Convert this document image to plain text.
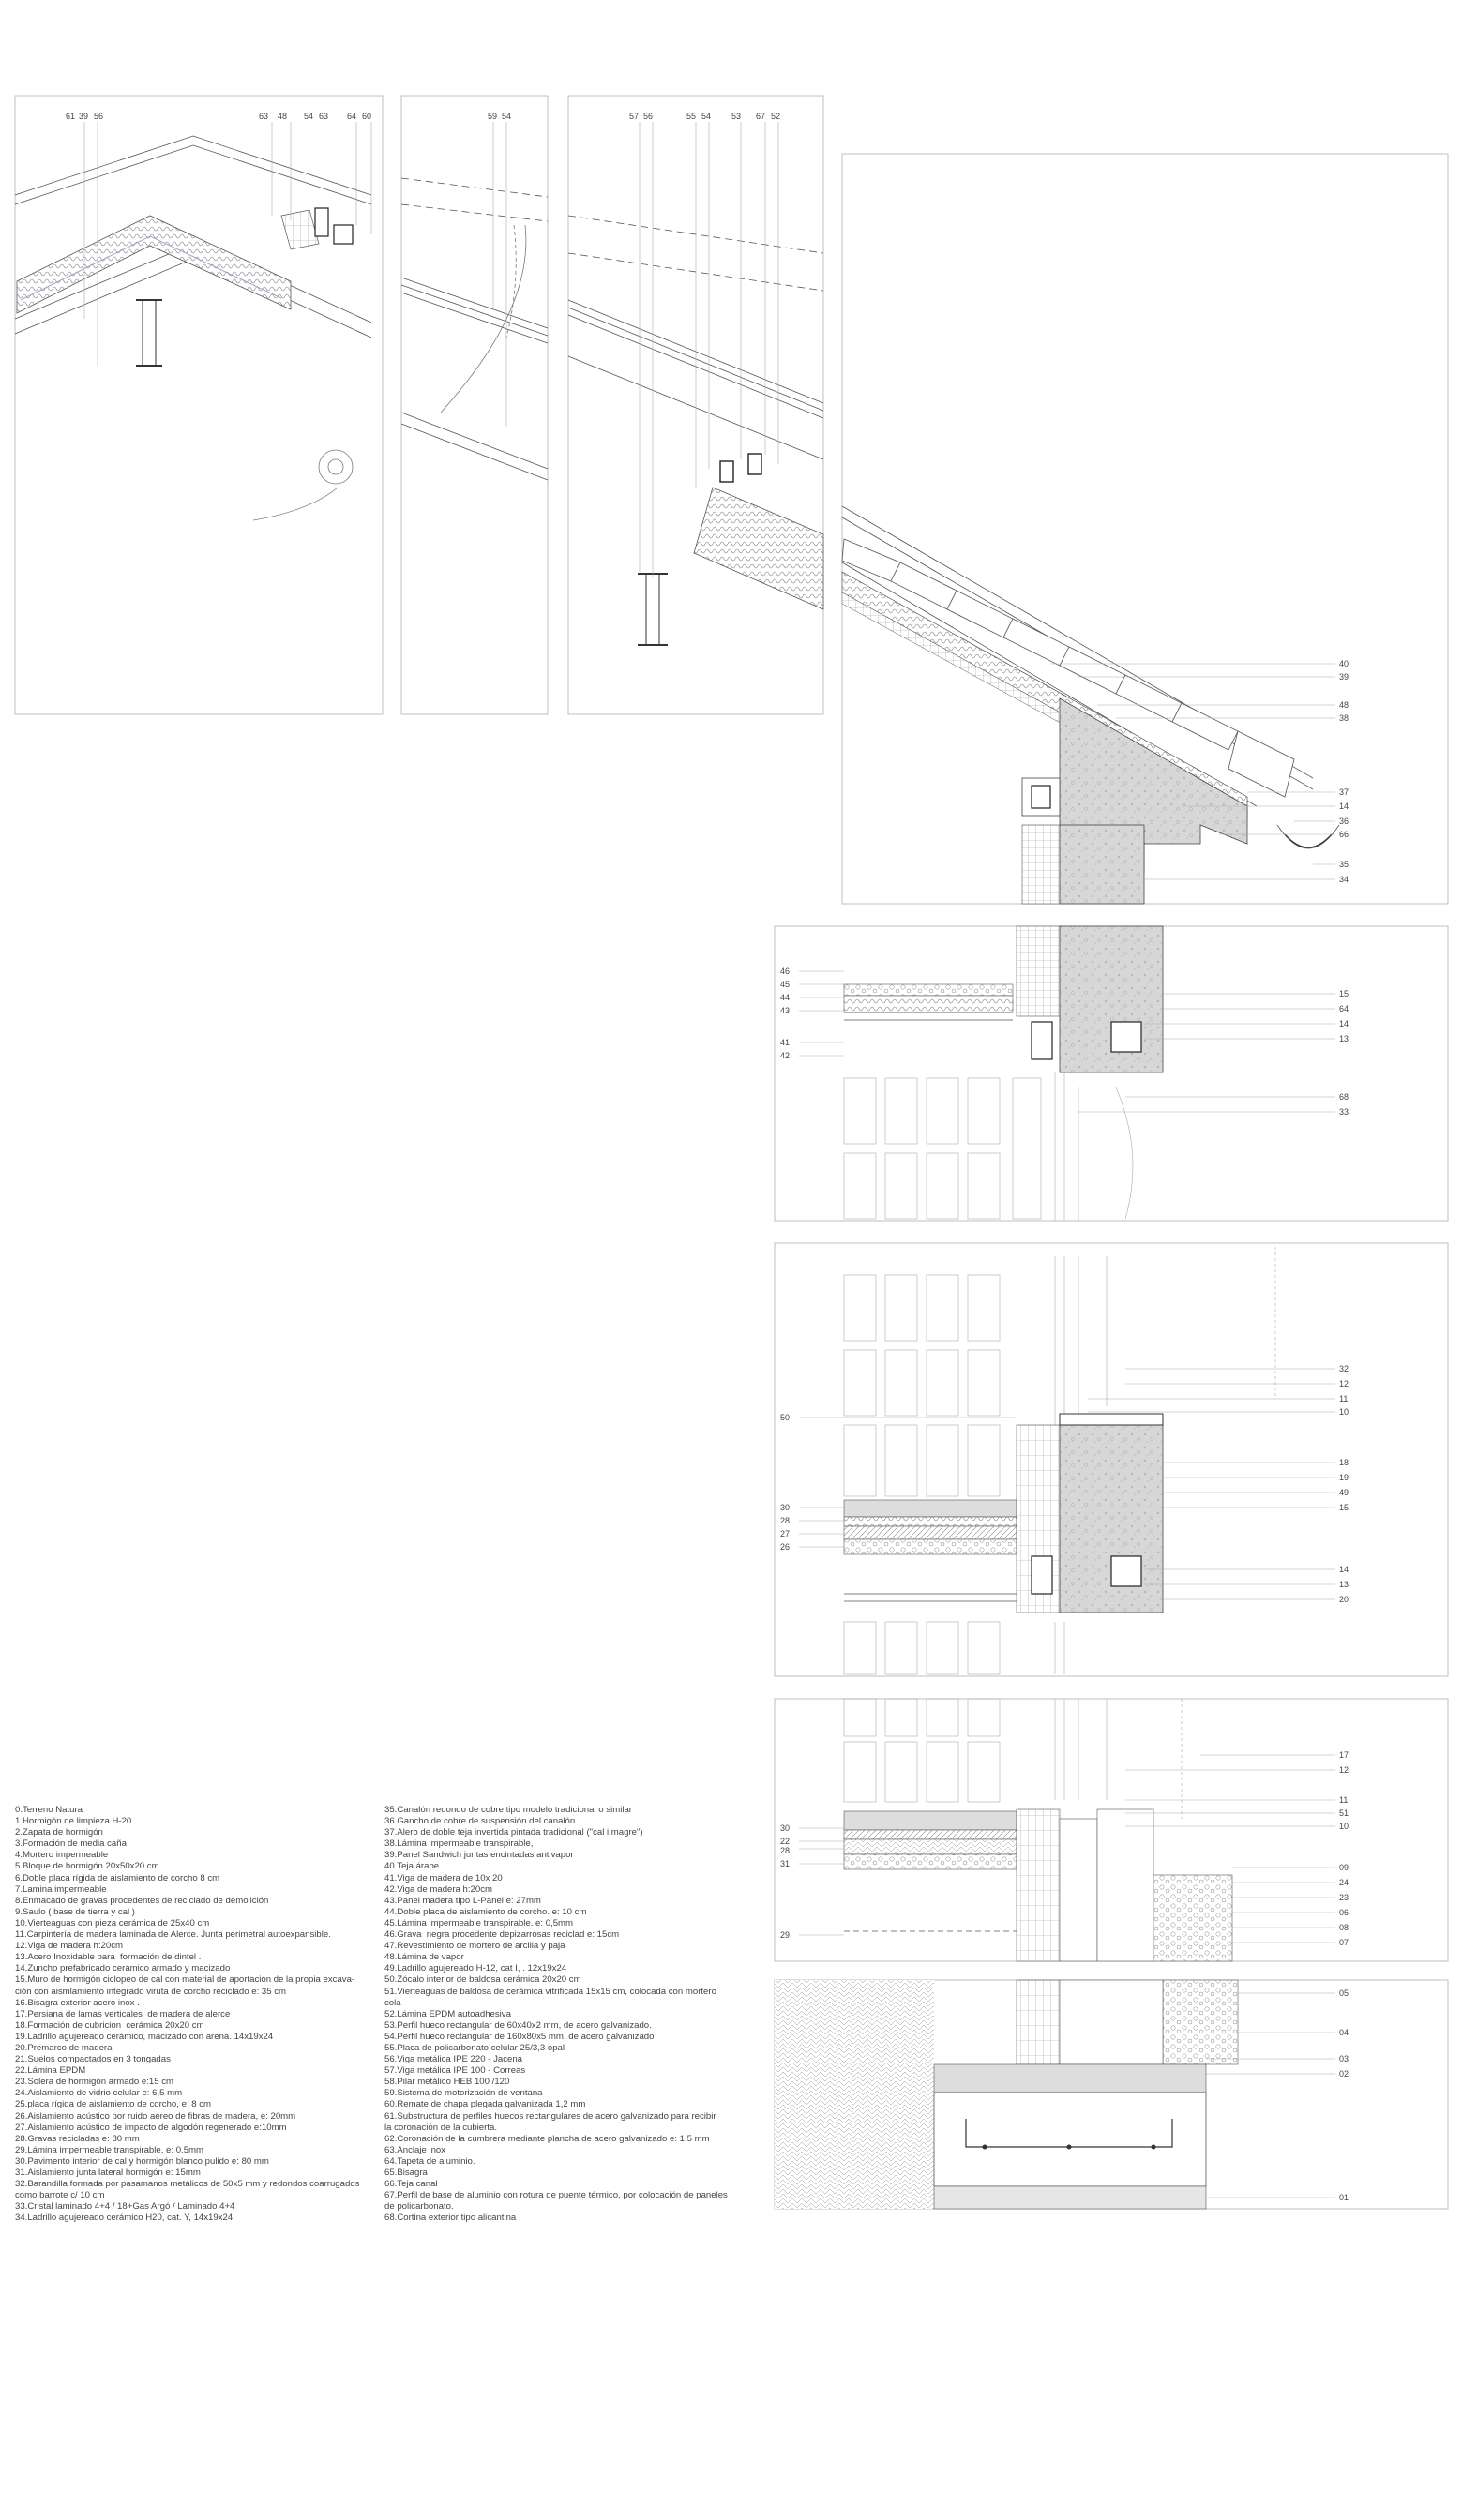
61 39 56	63 48 54 63 64 60	59 54	57 56	55 54 53 67 52
40
39
48
38
37
14
36
66
35
34
46
45
44
43
41
42
15
64
14
13
68
33
50
30
28
27
26
32
12
11
10
18
19
49
15
14
13
20
30
22
28
31
29
17
12
11
51
10
09
24
23
06
08
07
05
04
03
02
01
0.Terreno Natura
1.Hormigón de limpieza H-20
2.Zapata de hormigón
3.Formación de media caña
4.Mortero impermeable
5.Bloque de hormigón 20x50x20 cm
6.Doble placa rígida de aislamiento de corcho 8 cm
7.Lamina impermeable
8.Enmacado de gravas procedentes de reciclado de demolición
9.Saulo ( base de tierra y cal )
10.Vierteaguas con pieza cerámica de 25x40 cm
11.Carpintería de madera laminada de Alerce. Junta perimetral autoexpansible.
12.Viga de madera h:20cm
13.Acero Inoxidable para  formación de dintel .
14.Zuncho prefabricado cerámico armado y macizado
15.Muro de hormigón ciclopeo de cal con material de aportación de la propia excava-
ción con aismlamiento integrado viruta de corcho reciclado e: 35 cm
16.Bisagra exterior acero inox .
17.Persiana de lamas verticales  de madera de alerce
18.Formación de cubricion  cerámica 20x20 cm
19.Ladrillo agujereado cerámico, macizado con arena. 14x19x24
20.Premarco de madera
21.Suelos compactados en 3 tongadas
22.Lámina EPDM
23.Solera de hormigón armado e:15 cm
24.Aislamiento de vidrio celular e: 6,5 mm
25.placa rígida de aislamiento de corcho, e: 8 cm
26.Aislamiento acústico por ruido aéreo de fibras de madera, e: 20mm
27.Aislamiento acústico de impacto de algodón regenerado e:10mm
28.Gravas recicladas e: 80 mm
29.Lámina impermeable transpirable, e: 0.5mm
30.Pavimento interior de cal y hormigón blanco pulido e: 80 mm
31.Aislamiento junta lateral hormigón e: 15mm
32.Barandilla formada por pasamanos metálicos de 50x5 mm y redondos coarrugados
como barrote c/ 10 cm
33.Cristal laminado 4+4 / 18+Gas Argó / Laminado 4+4
34.Ladrillo agujereado cerámico H20, cat. Y, 14x19x24
35.Canalón redondo de cobre tipo modelo tradicional o similar
36.Gancho de cobre de suspensión del canalón
37.Alero de doble teja invertida pintada tradicional ("cal i magre")
38.Lámina impermeable transpirable,
39.Panel Sandwich juntas encintadas antivapor
40.Teja árabe
41.Viga de madera de 10x 20
42.Viga de madera h:20cm
43.Panel madera tipo L-Panel e: 27mm
44.Doble placa de aislamiento de corcho. e: 10 cm
45.Lámina impermeable transpirable. e: 0,5mm
46.Grava  negra procedente depizarrosas reciclad e: 15cm
47.Revestimiento de mortero de arcilla y paja
48.Lámina de vapor
49.Ladrillo agujereado H-12, cat I, . 12x19x24
50.Zócalo interior de baldosa cerámica 20x20 cm
51.Vierteaguas de baldosa de cerámica vitrificada 15x15 cm, colocada con mortero
cola
52.Lámina EPDM autoadhesiva
53.Perfil hueco rectangular de 60x40x2 mm, de acero galvanizado.
54.Perfil hueco rectangular de 160x80x5 mm, de acero galvanizado
55.Placa de policarbonato celular 25/3,3 opal
56.Viga metálica IPE 220 - Jacena
57.Viga metálica IPE 100 - Correas
58.Pilar metálico HEB 100 /120
59.Sistema de motorización de ventana
60.Remate de chapa plegada galvanizada 1,2 mm
61.Substructura de perfiles huecos rectangulares de acero galvanizado para recibir
la coronación de la cubierta.
62.Coronación de la cumbrera mediante plancha de acero galvanizado e: 1,5 mm
63.Anclaje inox
64.Tapeta de aluminio.
65.Bisagra
66.Teja canal
67.Perfil de base de aluminio con rotura de puente térmico, por colocación de paneles
de policarbonato.
68.Cortina exterior tipo alicantina
